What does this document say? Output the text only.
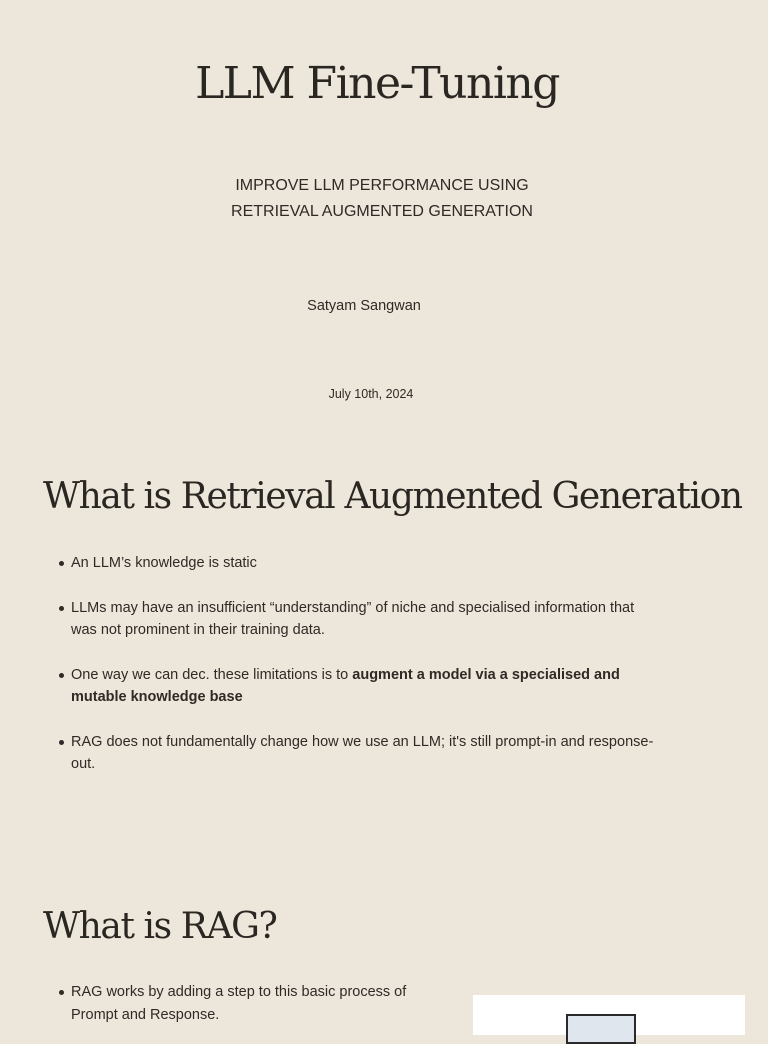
LLM Fine-Tuning

IMPROVE LLM PERFORMANCE USING
RETRIEVAL AUGMENTED GENERATION

Satyam Sangwan
July 10th, 2024
What is Retrieval Augmented Generation
An LLM’s knowledge is static
LLMs may have an insufficient “understanding” of niche and specialised information that was not prominent in their training data.
One way we can dec. these limitations is to augment a model via a specialised and mutable knowledge base
RAG does not fundamentally change how we use an LLM; it's still prompt-in and response-out.
What is RAG?
RAG works by adding a step to this basic process of Prompt and Response.
